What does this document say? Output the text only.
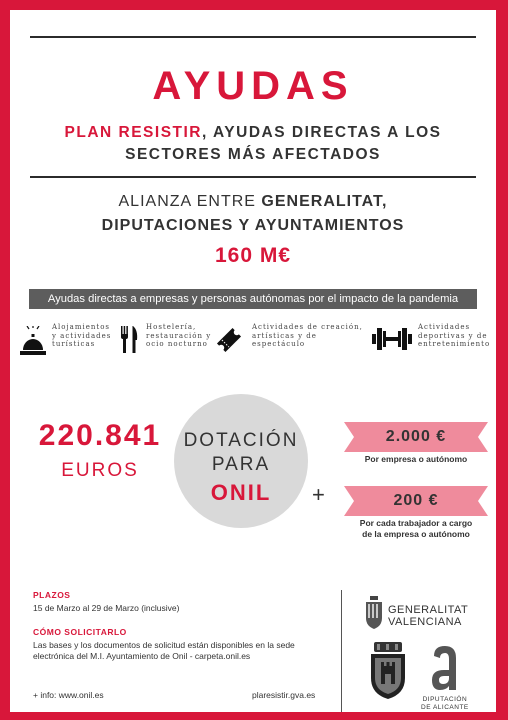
AYUDAS
PLAN RESISTIR, AYUDAS DIRECTAS A LOS
SECTORES MÁS AFECTADOS
ALIANZA ENTRE GENERALITAT,
DIPUTACIONES Y AYUNTAMIENTOS
160 M€
Ayudas directas a empresas y personas autónomas por el impacto de la pandemia
Alojamientos
y actividades
turísticas
Hostelería,
restauración y
ocio nocturno
Actividades de creación,
artísticas y de
espectáculo
Actividades
deportivas y de
entretenimiento
220.841
EUROS
DOTACIÓN
PARA
ONIL	+
2.000 €
Por empresa o autónomo
200 €
Por cada trabajador a cargo
de la empresa o autónomo
PLAZOS
15 de Marzo al 29 de Marzo (inclusive)
CÓMO SOLICITARLO
Las bases y los documentos de solicitud están disponibles en la sede electrónica del M.I. Ayuntamiento de Onil - carpeta.onil.es
+ info: www.onil.es	plaresistir.gva.es
GENERALITAT
VALENCIANA
DIPUTACIÓN
DE ALICANTE
